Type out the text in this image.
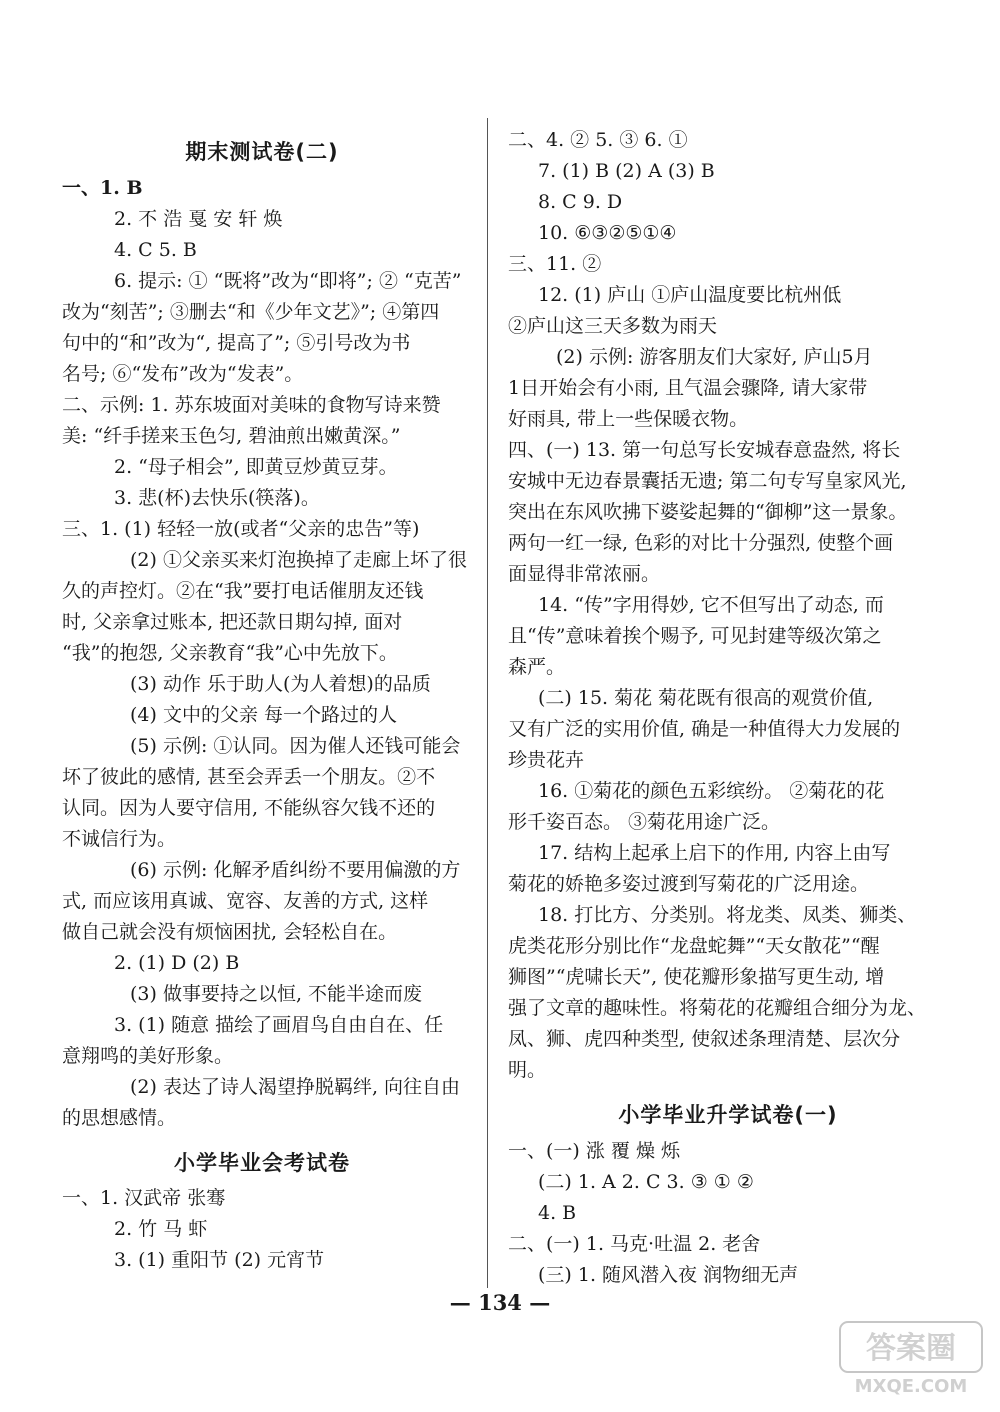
期末测试卷(二)
一、1. B
2. 不 浩 戛 安 轩 焕
4. C 5. B
6. 提示: ① “既将”改为“即将”; ② “克苦”
改为“刻苦”; ③删去“和《少年文艺》”; ④第四
句中的“和”改为“, 提高了”; ⑤引号改为书
名号; ⑥“发布”改为“发表”。
二、示例: 1. 苏东坡面对美味的食物写诗来赞
美: “纤手搓来玉色匀, 碧油煎出嫩黄深。”
2. “母子相会”, 即黄豆炒黄豆芽。
3. 悲(杯)去快乐(筷落)。
三、1. (1) 轻轻一放(或者“父亲的忠告”等)
(2) ①父亲买来灯泡换掉了走廊上坏了很
久的声控灯。②在“我”要打电话催朋友还钱
时, 父亲拿过账本, 把还款日期勾掉, 面对
“我”的抱怨, 父亲教育“我”心中先放下。
(3) 动作 乐于助人(为人着想)的品质
(4) 文中的父亲 每一个路过的人
(5) 示例: ①认同。因为催人还钱可能会
坏了彼此的感情, 甚至会弄丢一个朋友。②不
认同。因为人要守信用, 不能纵容欠钱不还的
不诚信行为。
(6) 示例: 化解矛盾纠纷不要用偏激的方
式, 而应该用真诚、宽容、友善的方式, 这样
做自己就会没有烦恼困扰, 会轻松自在。
2. (1) D (2) B
(3) 做事要持之以恒, 不能半途而废
3. (1) 随意 描绘了画眉鸟自由自在、任
意翔鸣的美好形象。
(2) 表达了诗人渴望挣脱羁绊, 向往自由
的思想感情。
小学毕业会考试卷
一、1. 汉武帝 张骞
2. 竹 马 虾
3. (1) 重阳节 (2) 元宵节
二、4. ② 5. ③ 6. ①
7. (1) B (2) A (3) B
8. C 9. D
10. ⑥③②⑤①④
三、11. ②
12. (1) 庐山 ①庐山温度要比杭州低
②庐山这三天多数为雨天
(2) 示例: 游客朋友们大家好, 庐山5月
1日开始会有小雨, 且气温会骤降, 请大家带
好雨具, 带上一些保暖衣物。
四、(一) 13. 第一句总写长安城春意盎然, 将长
安城中无边春景囊括无遗; 第二句专写皇家风光,
突出在东风吹拂下婆娑起舞的“御柳”这一景象。
两句一红一绿, 色彩的对比十分强烈, 使整个画
面显得非常浓丽。
14. “传”字用得妙, 它不但写出了动态, 而
且“传”意味着挨个赐予, 可见封建等级次第之
森严。
(二) 15. 菊花 菊花既有很高的观赏价值,
又有广泛的实用价值, 确是一种值得大力发展的
珍贵花卉
16. ①菊花的颜色五彩缤纷。 ②菊花的花
形千姿百态。 ③菊花用途广泛。
17. 结构上起承上启下的作用, 内容上由写
菊花的娇艳多姿过渡到写菊花的广泛用途。
18. 打比方、分类别。将龙类、凤类、狮类、
虎类花形分别比作“龙盘蛇舞”“天女散花”“醒
狮图”“虎啸长天”, 使花瓣形象描写更生动, 增
强了文章的趣味性。将菊花的花瓣组合细分为龙、
凤、狮、虎四种类型, 使叙述条理清楚、层次分
明。
小学毕业升学试卷(一)
一、(一) 涨 覆 燥 烁
(二) 1. A 2. C 3. ③ ① ②
4. B
二、(一) 1. 马克·吐温 2. 老舍
(三) 1. 随风潜入夜 润物细无声
— 134 —
答案圈
MXQE.COM
